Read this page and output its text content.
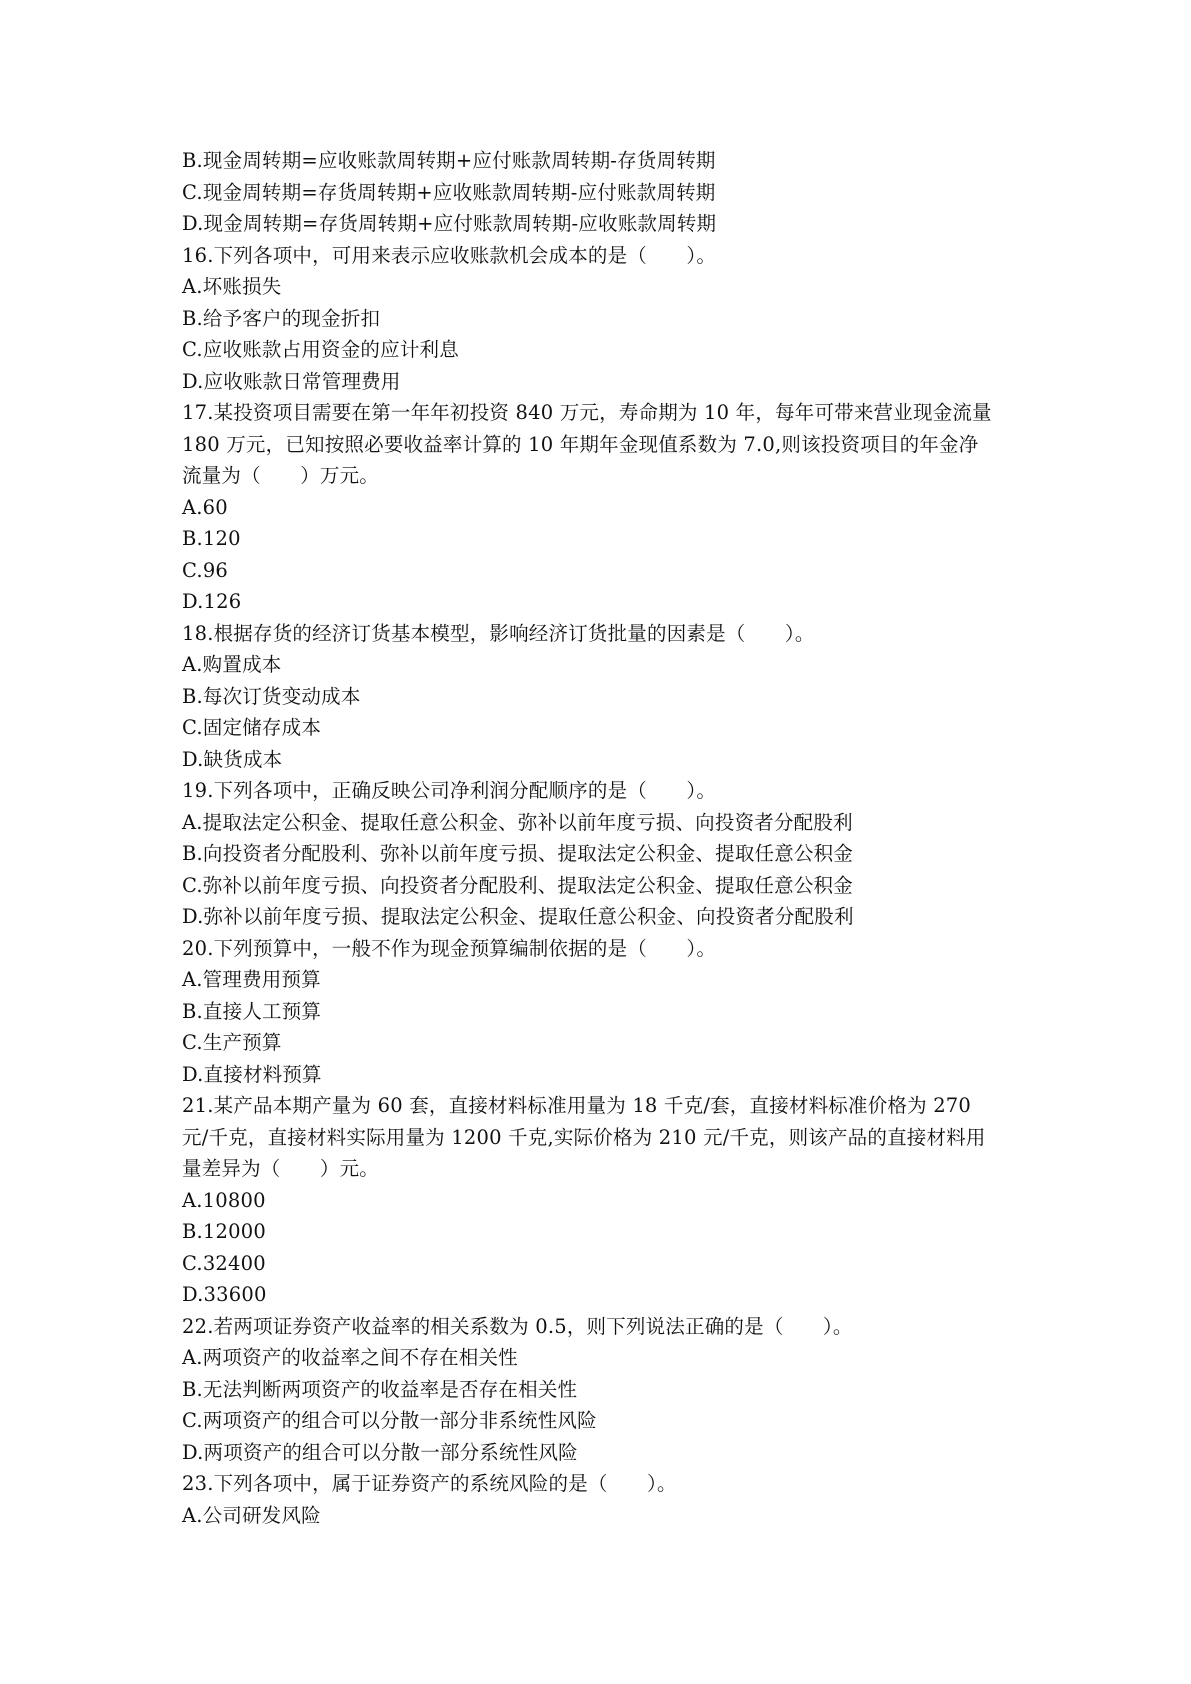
B.现金周转期=应收账款周转期+应付账款周转期-存货周转期
C.现金周转期=存货周转期+应收账款周转期-应付账款周转期
D.现金周转期=存货周转期+应付账款周转期-应收账款周转期
16.下列各项中，可用来表示应收账款机会成本的是（　　）。
A.坏账损失
B.给予客户的现金折扣
C.应收账款占用资金的应计利息
D.应收账款日常管理费用
17.某投资项目需要在第一年年初投资 840 万元，寿命期为 10 年，每年可带来营业现金流量
180 万元，已知按照必要收益率计算的 10 年期年金现值系数为 7.0,则该投资项目的年金净
流量为（　　）万元。
A.60
B.120
C.96
D.126
18.根据存货的经济订货基本模型，影响经济订货批量的因素是（　　）。
A.购置成本
B.每次订货变动成本
C.固定储存成本
D.缺货成本
19.下列各项中，正确反映公司净利润分配顺序的是（　　）。
A.提取法定公积金、提取任意公积金、弥补以前年度亏损、向投资者分配股利
B.向投资者分配股利、弥补以前年度亏损、提取法定公积金、提取任意公积金
C.弥补以前年度亏损、向投资者分配股利、提取法定公积金、提取任意公积金
D.弥补以前年度亏损、提取法定公积金、提取任意公积金、向投资者分配股利
20.下列预算中，一般不作为现金预算编制依据的是（　　）。
A.管理费用预算
B.直接人工预算
C.生产预算
D.直接材料预算
21.某产品本期产量为 60 套，直接材料标准用量为 18 千克/套，直接材料标准价格为 270
元/千克，直接材料实际用量为 1200 千克,实际价格为 210 元/千克，则该产品的直接材料用
量差异为（　　）元。
A.10800
B.12000
C.32400
D.33600
22.若两项证券资产收益率的相关系数为 0.5，则下列说法正确的是（　　）。
A.两项资产的收益率之间不存在相关性
B.无法判断两项资产的收益率是否存在相关性
C.两项资产的组合可以分散一部分非系统性风险
D.两项资产的组合可以分散一部分系统性风险
23.下列各项中，属于证券资产的系统风险的是（　　）。
A.公司研发风险
